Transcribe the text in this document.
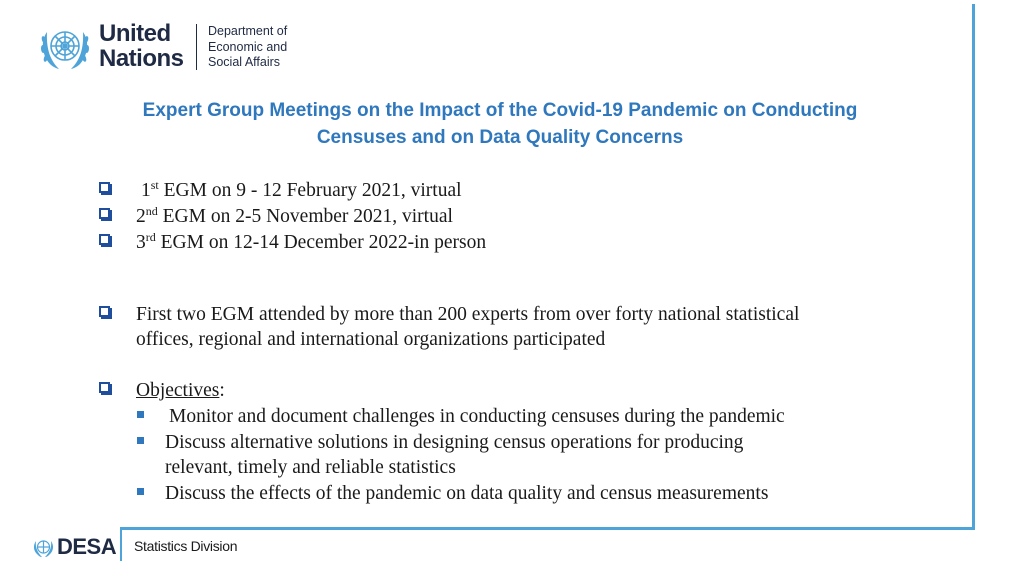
United
Nations
Department of
Economic and
Social Affairs
Expert Group Meetings on the Impact of the Covid-19 Pandemic on Conducting
Censuses and on Data Quality Concerns
1st EGM on 9 - 12 February 2021, virtual
2nd EGM on 2-5 November 2021, virtual
3rd EGM on 12-14 December 2022-in person
First two EGM attended by more than 200 experts from over forty national statistical
offices, regional and international organizations participated
Objectives:
Monitor and document challenges in conducting censuses during the pandemic
Discuss alternative solutions in designing census operations for producing
relevant, timely and reliable statistics
Discuss the effects of the pandemic on data quality and census measurements
DESA Statistics Division
